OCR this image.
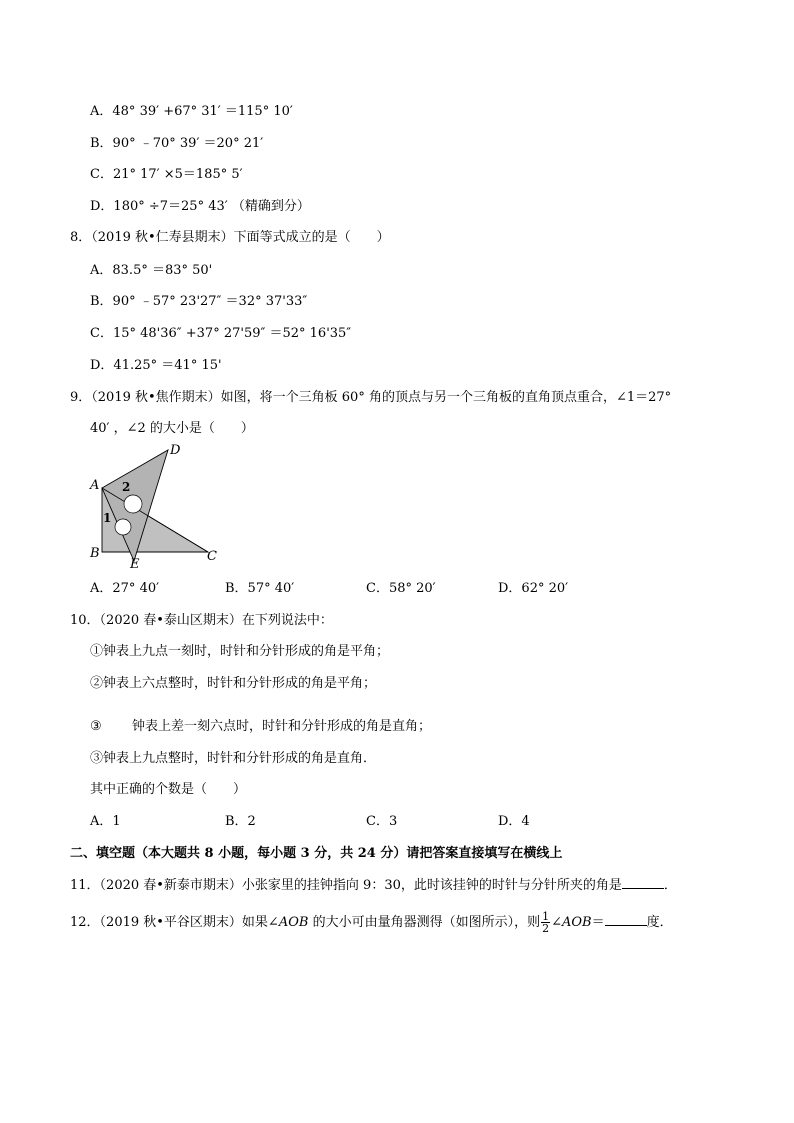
A．48° 39′ +67° 31′ ＝115° 10′
B．90° ﹣70° 39′ ＝20° 21′
C．21° 17′ ×5＝185° 5′
D．180° ÷7＝25° 43′ （精确到分）
8．（2019 秋•仁寿县期末）下面等式成立的是（　　）
A．83.5° ＝83° 50'
B．90° ﹣57° 23'27″ ＝32° 37'33″
C．15° 48'36″ +37° 27'59″ ＝52° 16'35″
D．41.25° ＝41° 15'
9．（2019 秋•焦作期末）如图，将一个三角板 60° 角的顶点与另一个三角板的直角顶点重合，∠1＝27°
40′ ，∠2 的大小是（　　）
A
B	C
D
E
1
2
A．27° 40′	B．57° 40′	C．58° 20′	D．62° 20′
10．（2020 春•泰山区期末）在下列说法中：
①钟表上九点一刻时，时针和分针形成的角是平角；
②钟表上六点整时，时针和分针形成的角是平角；
③ 钟表上差一刻六点时，时针和分针形成的角是直角；
③钟表上九点整时，时针和分针形成的角是直角．
其中正确的个数是（　　）
A．1	B．2	C．3	D．4
二、填空题（本大题共 8 小题，每小题 3 分，共 24 分）请把答案直接填写在横线上
11．（2020 春•新泰市期末）小张家里的挂钟指向 9：30，此时该挂钟的时针与分针所夹的角是	．
12．（2019 秋•平谷区期末）如果∠AOB 的大小可由量角器测得（如图所示），则 $\frac{1}{2}$ ∠AOB＝	度．
